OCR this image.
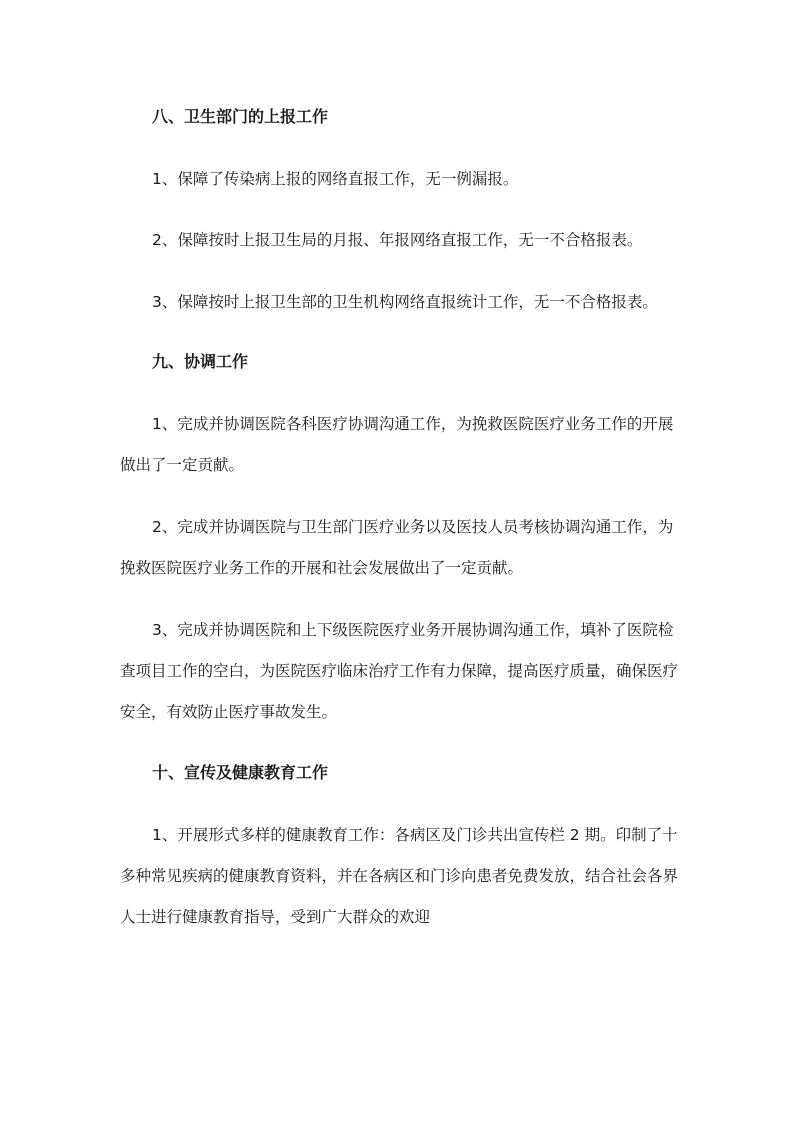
八、卫生部门的上报工作

1、保障了传染病上报的网络直报工作，无一例漏报。

2、保障按时上报卫生局的月报、年报网络直报工作，无一不合格报表。

3、保障按时上报卫生部的卫生机构网络直报统计工作，无一不合格报表。

九、协调工作

1、完成并协调医院各科医疗协调沟通工作，为挽救医院医疗业务工作的开展做出了一定贡献。

2、完成并协调医院与卫生部门医疗业务以及医技人员考核协调沟通工作，为挽救医院医疗业务工作的开展和社会发展做出了一定贡献。

3、完成并协调医院和上下级医院医疗业务开展协调沟通工作，填补了医院检查项目工作的空白，为医院医疗临床治疗工作有力保障，提高医疗质量，确保医疗安全，有效防止医疗事故发生。

十、宣传及健康教育工作

1、开展形式多样的健康教育工作：各病区及门诊共出宣传栏 2 期。印制了十多种常见疾病的健康教育资料，并在各病区和门诊向患者免费发放，结合社会各界人士进行健康教育指导，受到广大群众的欢迎
